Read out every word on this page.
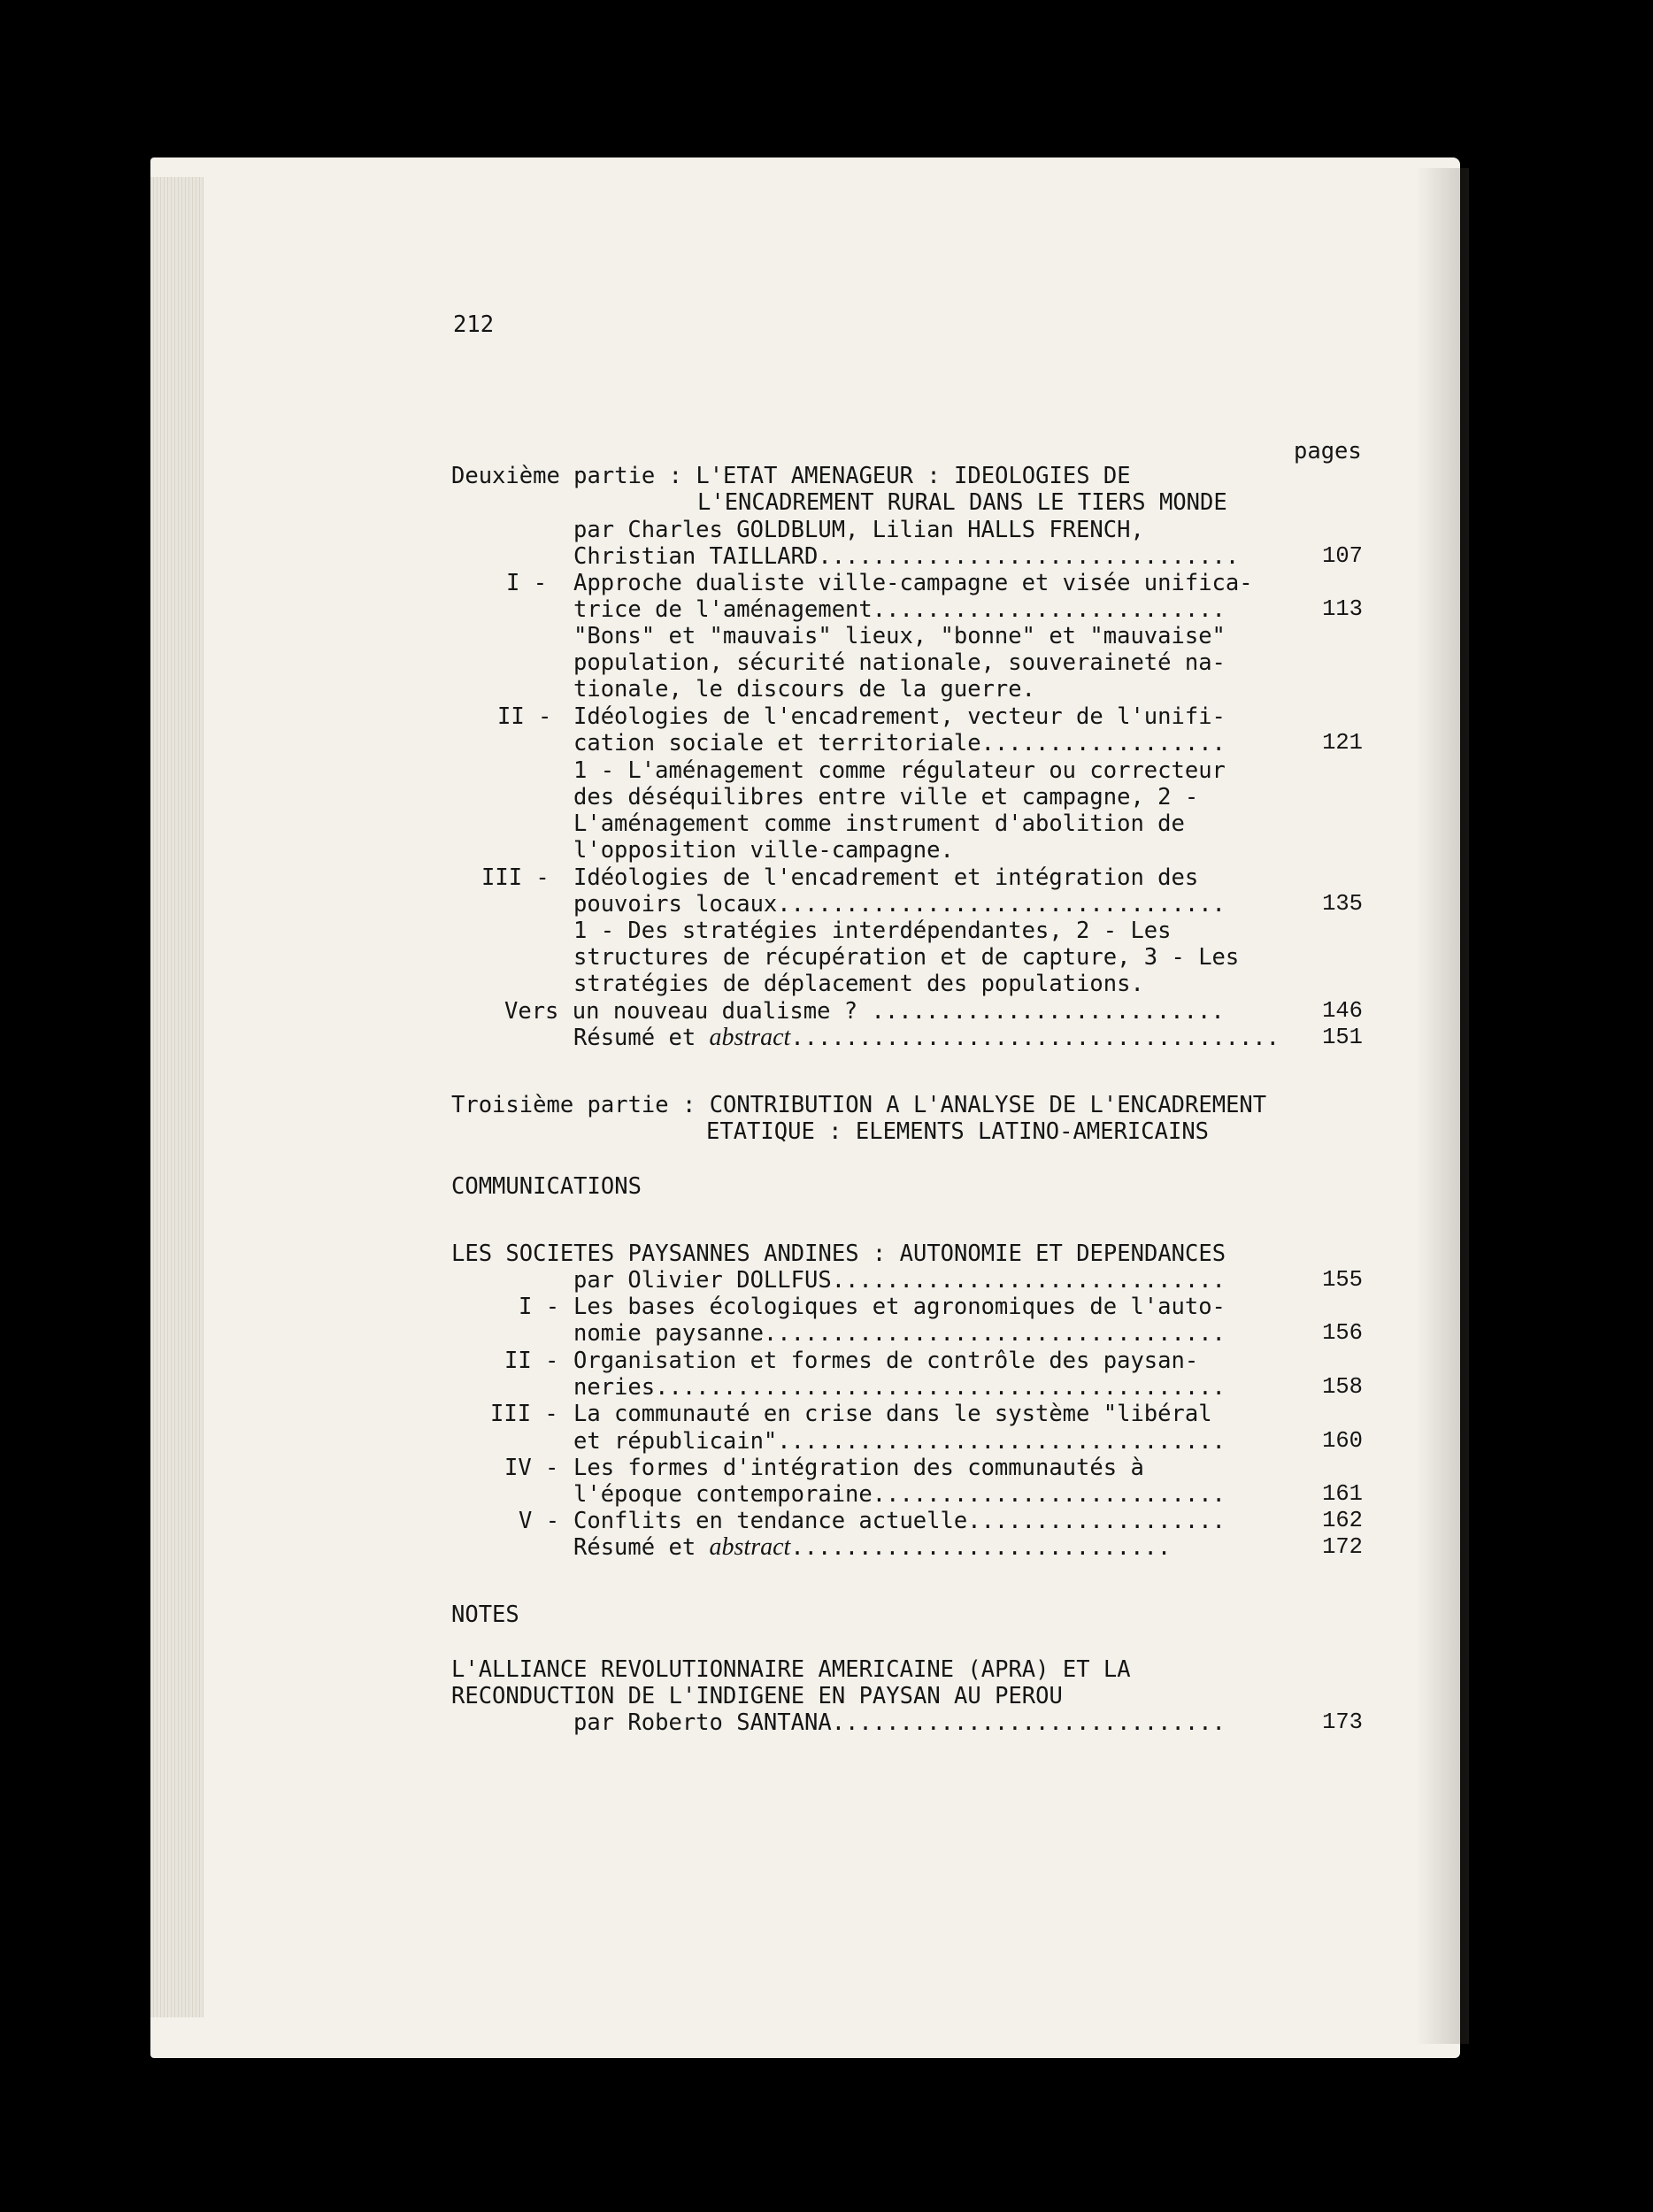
212
pages
Deuxième partie : L'ETAT AMENAGEUR : IDEOLOGIES DE
L'ENCADREMENT RURAL DANS LE TIERS MONDE
par Charles GOLDBLUM, Lilian HALLS FRENCH,
Christian TAILLARD...............................	107
I - Approche dualiste ville-campagne et visée unifica-
trice de l'aménagement..........................	113
"Bons" et "mauvais" lieux, "bonne" et "mauvaise"
population, sécurité nationale, souveraineté na-
tionale, le discours de la guerre.
II - Idéologies de l'encadrement, vecteur de l'unifi-
cation sociale et territoriale..................	121
1 - L'aménagement comme régulateur ou correcteur
des déséquilibres entre ville et campagne, 2 -
L'aménagement comme instrument d'abolition de
l'opposition ville-campagne.
III - Idéologies de l'encadrement et intégration des
pouvoirs locaux.................................	135
1 - Des stratégies interdépendantes, 2 - Les
structures de récupération et de capture, 3 - Les
stratégies de déplacement des populations.
Vers un nouveau dualisme ? ..........................	146
Résumé et abstract....................................	151
Troisième partie : CONTRIBUTION A L'ANALYSE DE L'ENCADREMENT
ETATIQUE : ELEMENTS LATINO-AMERICAINS
COMMUNICATIONS
LES SOCIETES PAYSANNES ANDINES : AUTONOMIE ET DEPENDANCES
par Olivier DOLLFUS.............................	155
I - Les bases écologiques et agronomiques de l'auto-
nomie paysanne..................................	156
II - Organisation et formes de contrôle des paysan-
neries..........................................	158
III - La communauté en crise dans le système "libéral
et républicain".................................	160
IV - Les formes d'intégration des communautés à
l'époque contemporaine..........................	161
V - Conflits en tendance actuelle...................	162
Résumé et abstract............................	172
NOTES
L'ALLIANCE REVOLUTIONNAIRE AMERICAINE (APRA) ET LA
RECONDUCTION DE L'INDIGENE EN PAYSAN AU PEROU
par Roberto SANTANA.............................	173
